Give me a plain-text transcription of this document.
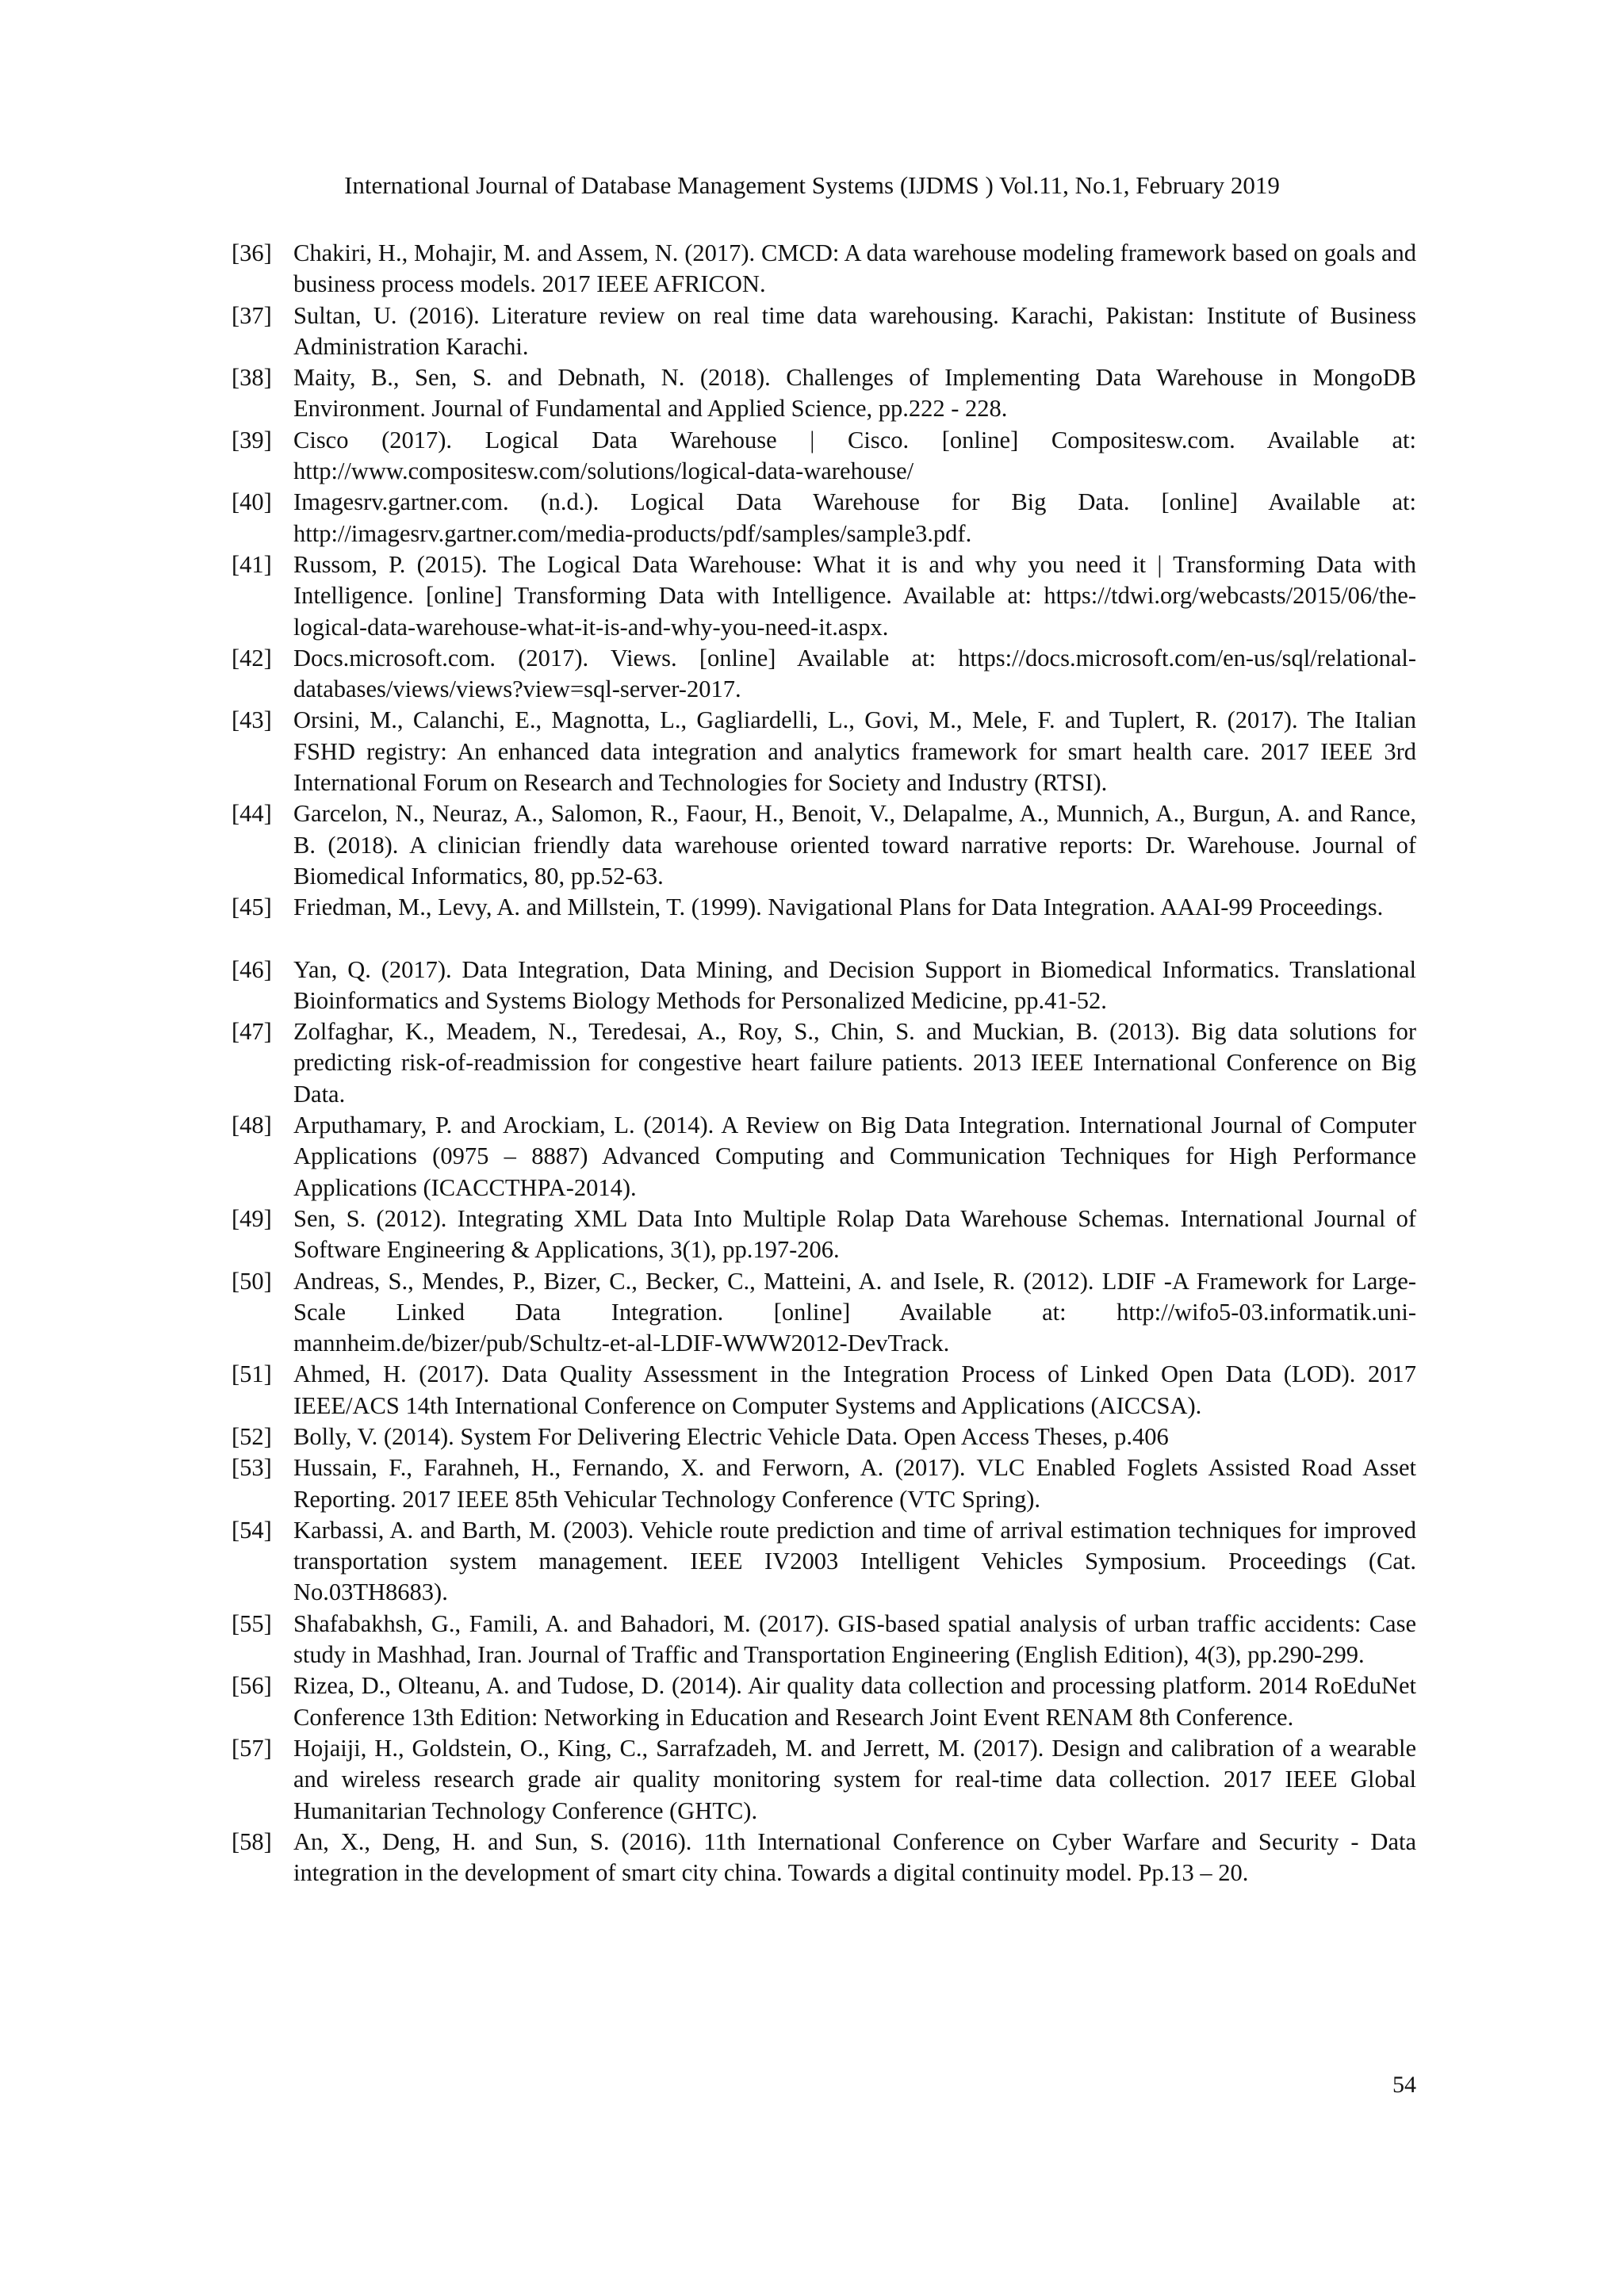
International Journal of Database Management Systems (IJDMS ) Vol.11, No.1, February 2019
[36] Chakiri, H., Mohajir, M. and Assem, N. (2017). CMCD: A data warehouse modeling framework based on goals and business process models. 2017 IEEE AFRICON.
[37] Sultan, U. (2016). Literature review on real time data warehousing. Karachi, Pakistan: Institute of Business Administration Karachi.
[38] Maity, B., Sen, S. and Debnath, N. (2018). Challenges of Implementing Data Warehouse in MongoDB Environment. Journal of Fundamental and Applied Science, pp.222 - 228.
[39] Cisco (2017). Logical Data Warehouse | Cisco. [online] Compositesw.com. Available at: http://www.compositesw.com/solutions/logical-data-warehouse/
[40] Imagesrv.gartner.com. (n.d.). Logical Data Warehouse for Big Data. [online] Available at: http://imagesrv.gartner.com/media-products/pdf/samples/sample3.pdf.
[41] Russom, P. (2015). The Logical Data Warehouse: What it is and why you need it | Transforming Data with Intelligence. [online] Transforming Data with Intelligence. Available at: https://tdwi.org/webcasts/2015/06/the-logical-data-warehouse-what-it-is-and-why-you-need-it.aspx.
[42] Docs.microsoft.com. (2017). Views. [online] Available at: https://docs.microsoft.com/en-us/sql/relational-databases/views/views?view=sql-server-2017.
[43] Orsini, M., Calanchi, E., Magnotta, L., Gagliardelli, L., Govi, M., Mele, F. and Tuplert, R. (2017). The Italian FSHD registry: An enhanced data integration and analytics framework for smart health care. 2017 IEEE 3rd International Forum on Research and Technologies for Society and Industry (RTSI).
[44] Garcelon, N., Neuraz, A., Salomon, R., Faour, H., Benoit, V., Delapalme, A., Munnich, A., Burgun, A. and Rance, B. (2018). A clinician friendly data warehouse oriented toward narrative reports: Dr. Warehouse. Journal of Biomedical Informatics, 80, pp.52-63.
[45] Friedman, M., Levy, A. and Millstein, T. (1999). Navigational Plans for Data Integration. AAAI-99 Proceedings.
[46] Yan, Q. (2017). Data Integration, Data Mining, and Decision Support in Biomedical Informatics. Translational Bioinformatics and Systems Biology Methods for Personalized Medicine, pp.41-52.
[47] Zolfaghar, K., Meadem, N., Teredesai, A., Roy, S., Chin, S. and Muckian, B. (2013). Big data solutions for predicting risk-of-readmission for congestive heart failure patients. 2013 IEEE International Conference on Big Data.
[48] Arputhamary, P. and Arockiam, L. (2014). A Review on Big Data Integration. International Journal of Computer Applications (0975 – 8887) Advanced Computing and Communication Techniques for High Performance Applications (ICACCTHPA-2014).
[49] Sen, S. (2012). Integrating XML Data Into Multiple Rolap Data Warehouse Schemas. International Journal of Software Engineering & Applications, 3(1), pp.197-206.
[50] Andreas, S., Mendes, P., Bizer, C., Becker, C., Matteini, A. and Isele, R. (2012). LDIF -A Framework for Large-Scale Linked Data Integration. [online] Available at: http://wifo5-03.informatik.uni-mannheim.de/bizer/pub/Schultz-et-al-LDIF-WWW2012-DevTrack.
[51] Ahmed, H. (2017). Data Quality Assessment in the Integration Process of Linked Open Data (LOD). 2017 IEEE/ACS 14th International Conference on Computer Systems and Applications (AICCSA).
[52] Bolly, V. (2014). System For Delivering Electric Vehicle Data. Open Access Theses, p.406
[53] Hussain, F., Farahneh, H., Fernando, X. and Ferworn, A. (2017). VLC Enabled Foglets Assisted Road Asset Reporting. 2017 IEEE 85th Vehicular Technology Conference (VTC Spring).
[54] Karbassi, A. and Barth, M. (2003). Vehicle route prediction and time of arrival estimation techniques for improved transportation system management. IEEE IV2003 Intelligent Vehicles Symposium. Proceedings (Cat. No.03TH8683).
[55] Shafabakhsh, G., Famili, A. and Bahadori, M. (2017). GIS-based spatial analysis of urban traffic accidents: Case study in Mashhad, Iran. Journal of Traffic and Transportation Engineering (English Edition), 4(3), pp.290-299.
[56] Rizea, D., Olteanu, A. and Tudose, D. (2014). Air quality data collection and processing platform. 2014 RoEduNet Conference 13th Edition: Networking in Education and Research Joint Event RENAM 8th Conference.
[57] Hojaiji, H., Goldstein, O., King, C., Sarrafzadeh, M. and Jerrett, M. (2017). Design and calibration of a wearable and wireless research grade air quality monitoring system for real-time data collection. 2017 IEEE Global Humanitarian Technology Conference (GHTC).
[58] An, X., Deng, H. and Sun, S. (2016). 11th International Conference on Cyber Warfare and Security - Data integration in the development of smart city china. Towards a digital continuity model. Pp.13 – 20.
54
